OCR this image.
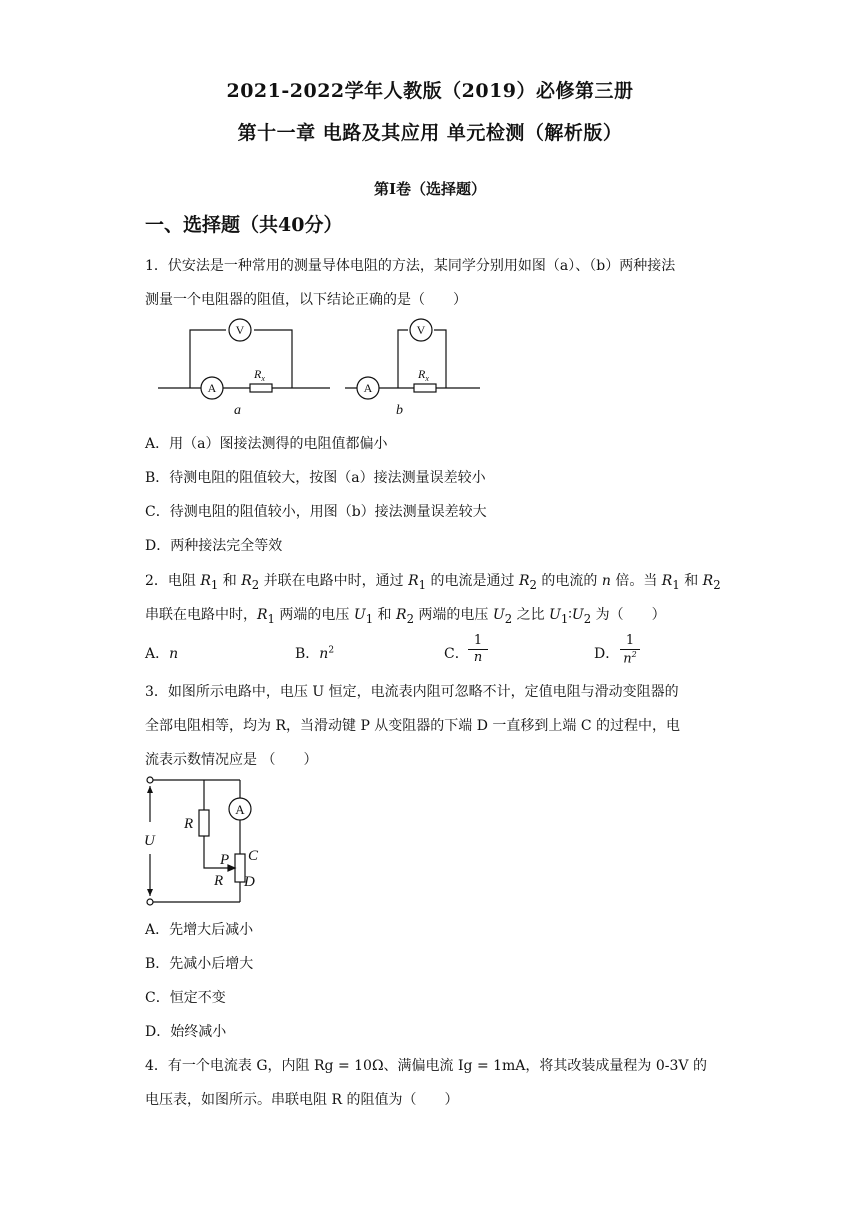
2021-2022学年人教版（2019）必修第三册
第十一章 电路及其应用 单元检测（解析版）
第Ⅰ卷（选择题）
一、选择题（共40分）
1．伏安法是一种常用的测量导体电阻的方法，某同学分别用如图（a）、（b）两种接法
测量一个电阻器的阻值，以下结论正确的是（　　）
V
A
V
A
$R_x$	$R_x$
a	b
A．用（a）图接法测得的电阻值都偏小
B．待测电阻的阻值较大，按图（a）接法测量误差较小
C．待测电阻的阻值较小，用图（b）接法测量误差较大
D．两种接法完全等效
2．电阻 $R_1$ 和 $R_2$ 并联在电路中时，通过 $R_1$ 的电流是通过 $R_2$ 的电流的 n 倍。当 $R_1$ 和 $R_2$
串联在电路中时，$R_1$ 两端的电压 $U_1$ 和 $R_2$ 两端的电压 $U_2$ 之比 $U_1∶U_2$ 为（　　）
A．n	B．$n^2$	C． $\frac{1}{n}$	D． $\frac{1}{n^2}$
3．如图所示电路中，电压 U 恒定，电流表内阻可忽略不计，定值电阻与滑动变阻器的
全部电阻相等，均为 R，当滑动键 P 从变阻器的下端 D 一直移到上端 C 的过程中，电
流表示数情况应是 （　　）
U
R
P C
R D
A
A．先增大后减小
B．先减小后增大
C．恒定不变
D．始终减小
4．有一个电流表 G，内阻 Rg = 10Ω、满偏电流 Ig = 1mA，将其改装成量程为 0-3V 的
电压表，如图所示。串联电阻 R 的阻值为（　　）
